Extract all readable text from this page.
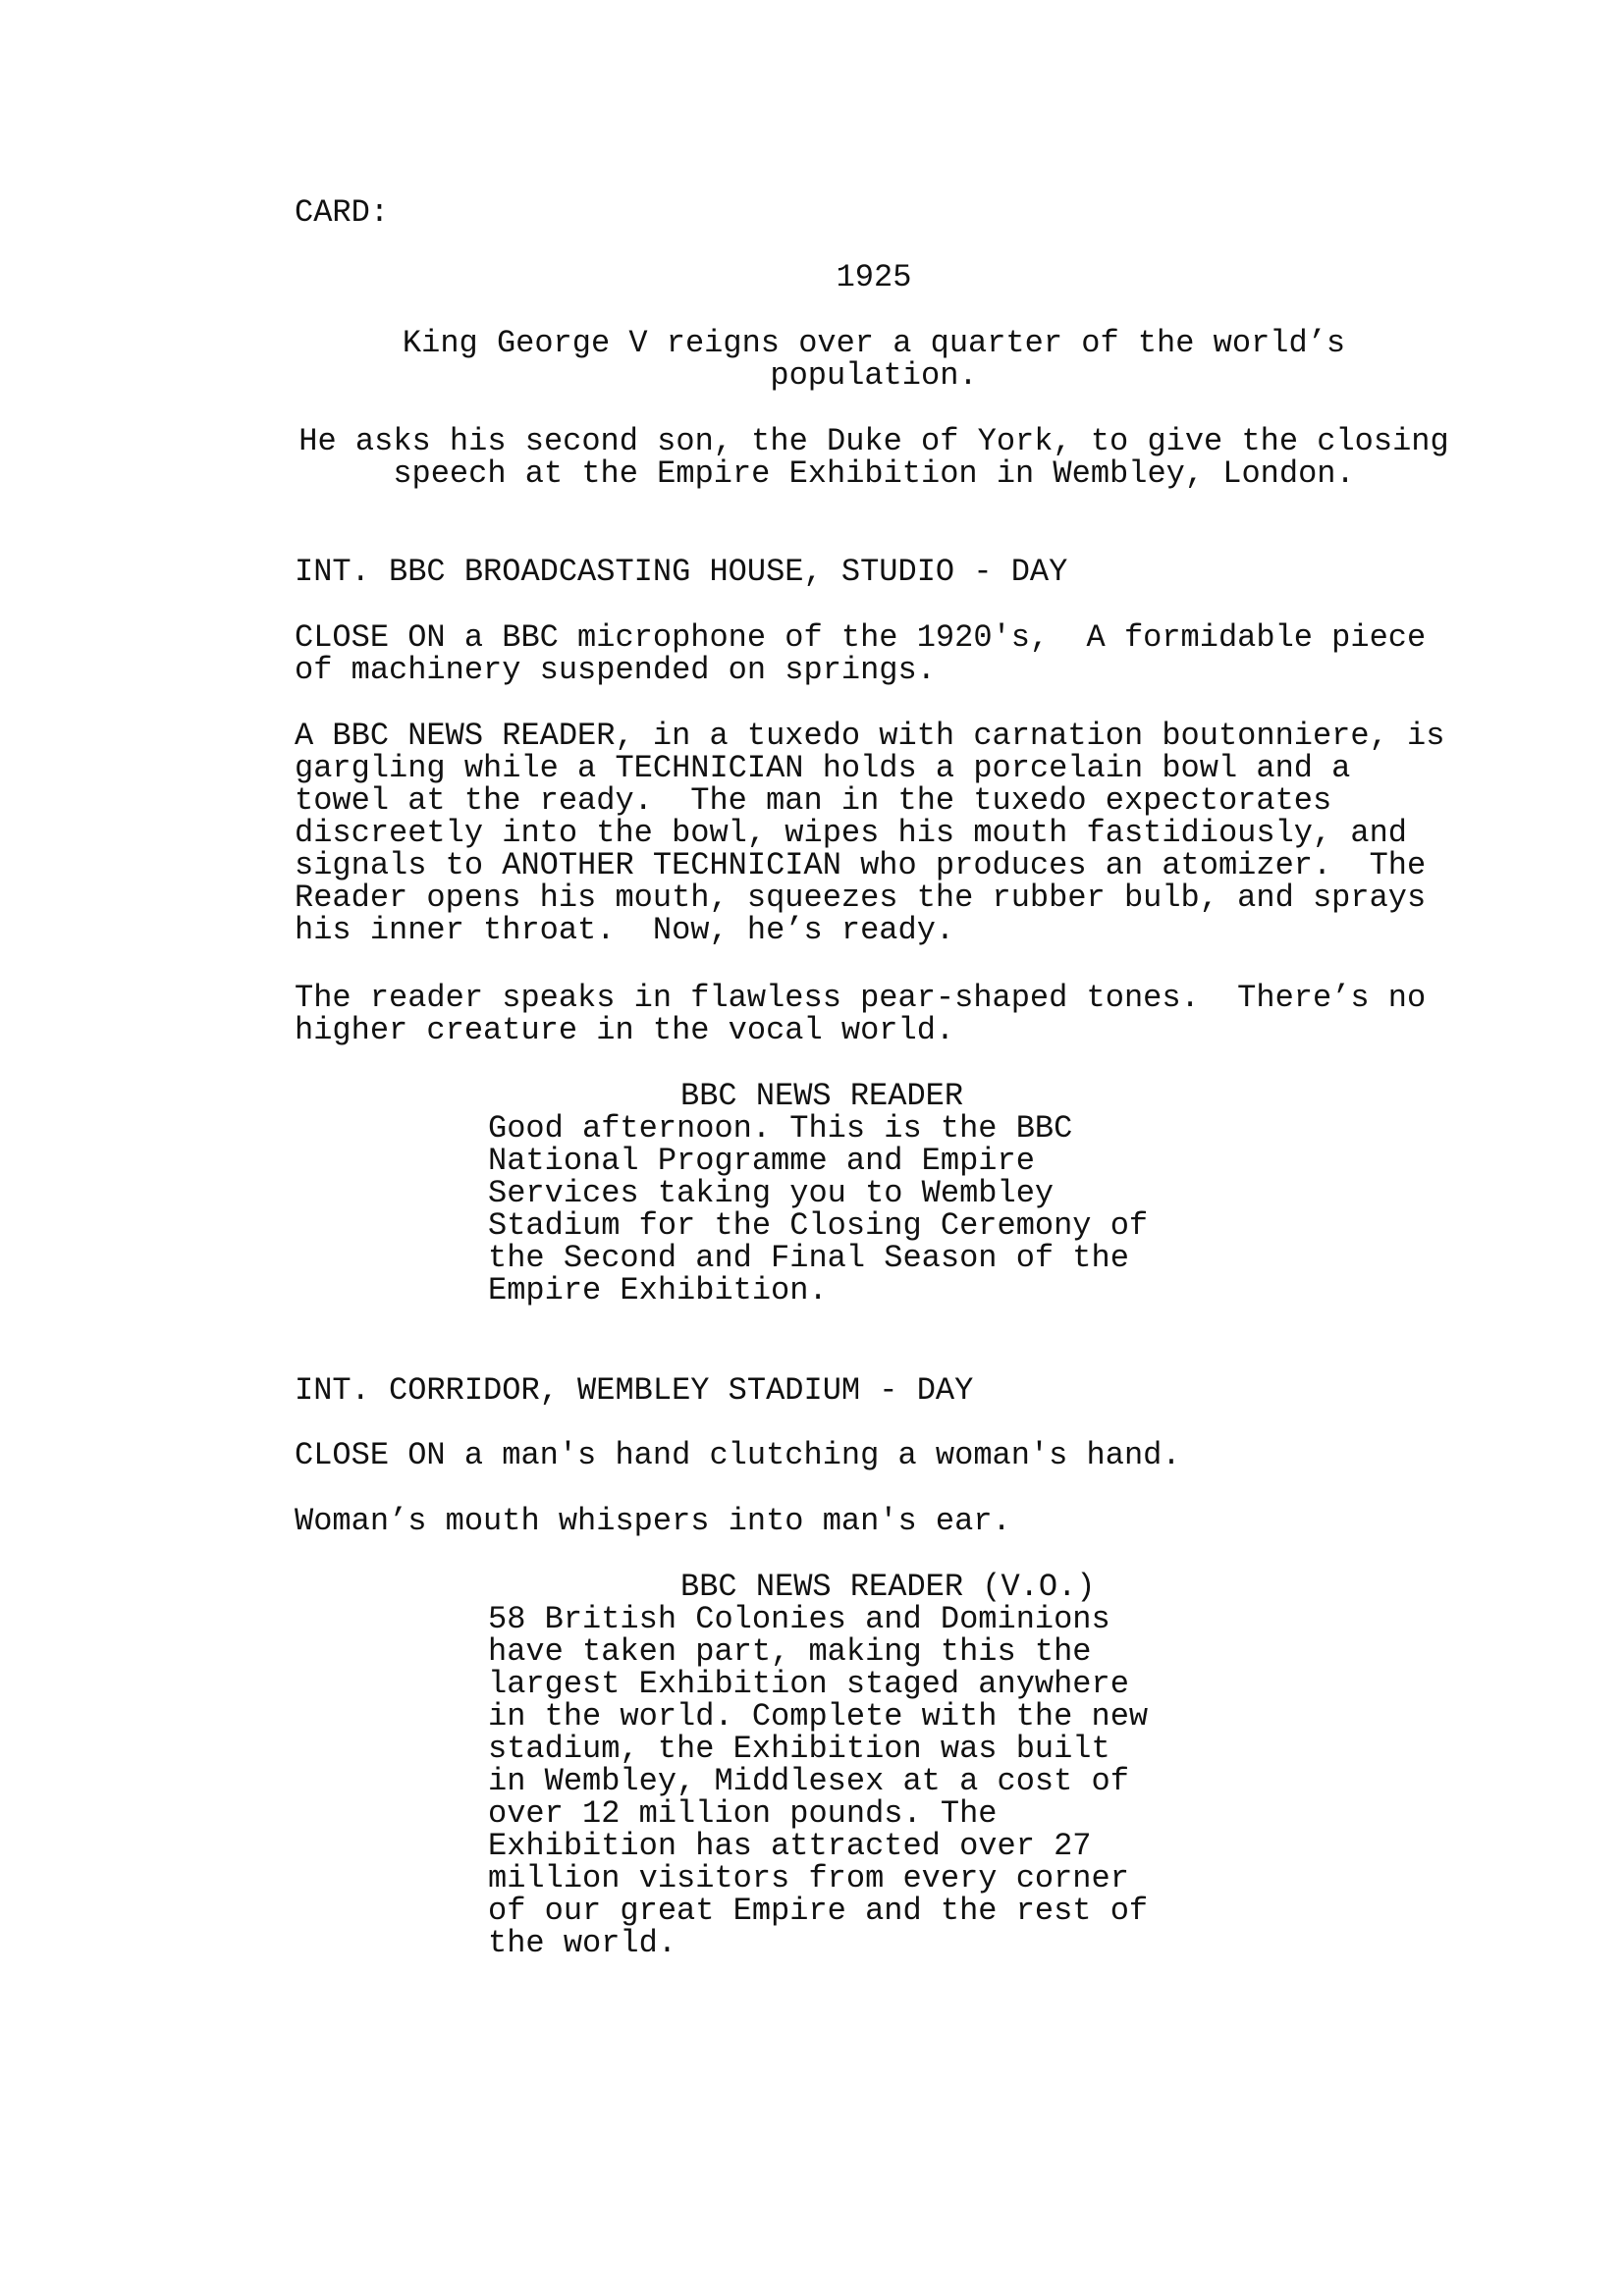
CARD:
1925
King George V reigns over a quarter of the world’s
population.
He asks his second son, the Duke of York, to give the closing
speech at the Empire Exhibition in Wembley, London.
INT. BBC BROADCASTING HOUSE, STUDIO - DAY
CLOSE ON a BBC microphone of the 1920's,  A formidable piece
of machinery suspended on springs.
A BBC NEWS READER, in a tuxedo with carnation boutonniere, is
gargling while a TECHNICIAN holds a porcelain bowl and a
towel at the ready.  The man in the tuxedo expectorates
discreetly into the bowl, wipes his mouth fastidiously, and
signals to ANOTHER TECHNICIAN who produces an atomizer.  The
Reader opens his mouth, squeezes the rubber bulb, and sprays
his inner throat.  Now, he’s ready.
The reader speaks in flawless pear-shaped tones.  There’s no
higher creature in the vocal world.
BBC NEWS READER
Good afternoon. This is the BBC
National Programme and Empire
Services taking you to Wembley
Stadium for the Closing Ceremony of
the Second and Final Season of the
Empire Exhibition.
INT. CORRIDOR, WEMBLEY STADIUM - DAY
CLOSE ON a man's hand clutching a woman's hand.
Woman’s mouth whispers into man's ear.
BBC NEWS READER (V.O.)
58 British Colonies and Dominions
have taken part, making this the
largest Exhibition staged anywhere
in the world. Complete with the new
stadium, the Exhibition was built
in Wembley, Middlesex at a cost of
over 12 million pounds. The
Exhibition has attracted over 27
million visitors from every corner
of our great Empire and the rest of
the world.
